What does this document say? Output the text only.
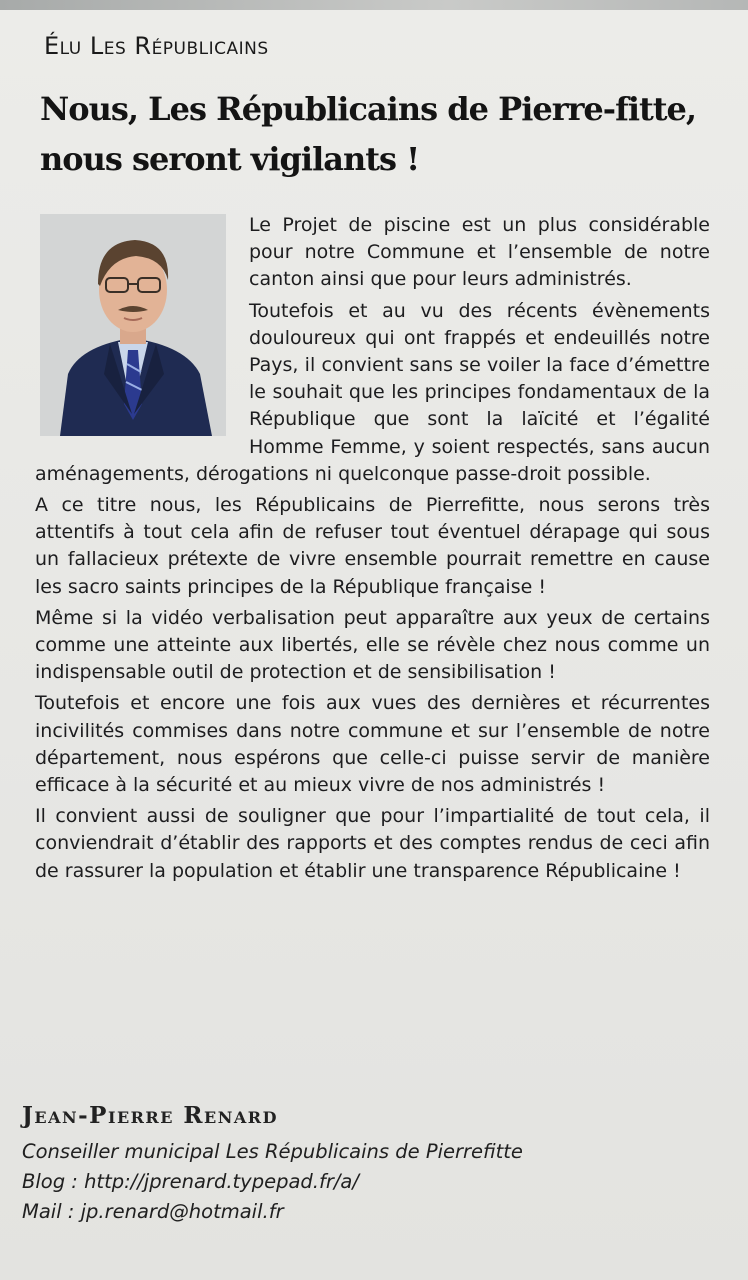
Élu Les Républicains
Nous, Les Républicains de Pierre-fitte, nous seront vigilants !

Le Projet de piscine est un plus considérable pour notre Commune et l’ensemble de notre canton ainsi que pour leurs administrés.

Toutefois et au vu des récents évènements douloureux qui ont frappés et endeuillés notre Pays, il convient sans se voiler la face d’émettre le souhait que les principes fondamentaux de la République que sont la laïcité et l’égalité Homme Femme, y soient respectés, sans aucun aménagements, dérogations ni quelconque passe-droit possible.

A ce titre nous, les Républicains de Pierrefitte, nous serons très attentifs à tout cela afin de refuser tout éventuel dérapage qui sous un fallacieux prétexte de vivre ensemble pourrait remettre en cause les sacro saints principes de la République française !

Même si la vidéo verbalisation peut apparaître aux yeux de certains comme une atteinte aux libertés, elle se révèle chez nous comme un indispensable outil de protection et de sensibilisation !

Toutefois et encore une fois aux vues des dernières et récurrentes incivilités commises dans notre commune et sur l’ensemble de notre département, nous espérons que celle-ci puisse servir de manière efficace à la sécurité et au mieux vivre de nos administrés !

Il convient aussi de souligner que pour l’impartialité de tout cela, il conviendrait d’établir des rapports et des comptes rendus de ceci afin de rassurer la population et établir une transparence Républicaine !

Jean-Pierre Renard
Conseiller municipal Les Républicains de Pierrefitte
Blog : http://jprenard.typepad.fr/a/
Mail : jp.renard@hotmail.fr
